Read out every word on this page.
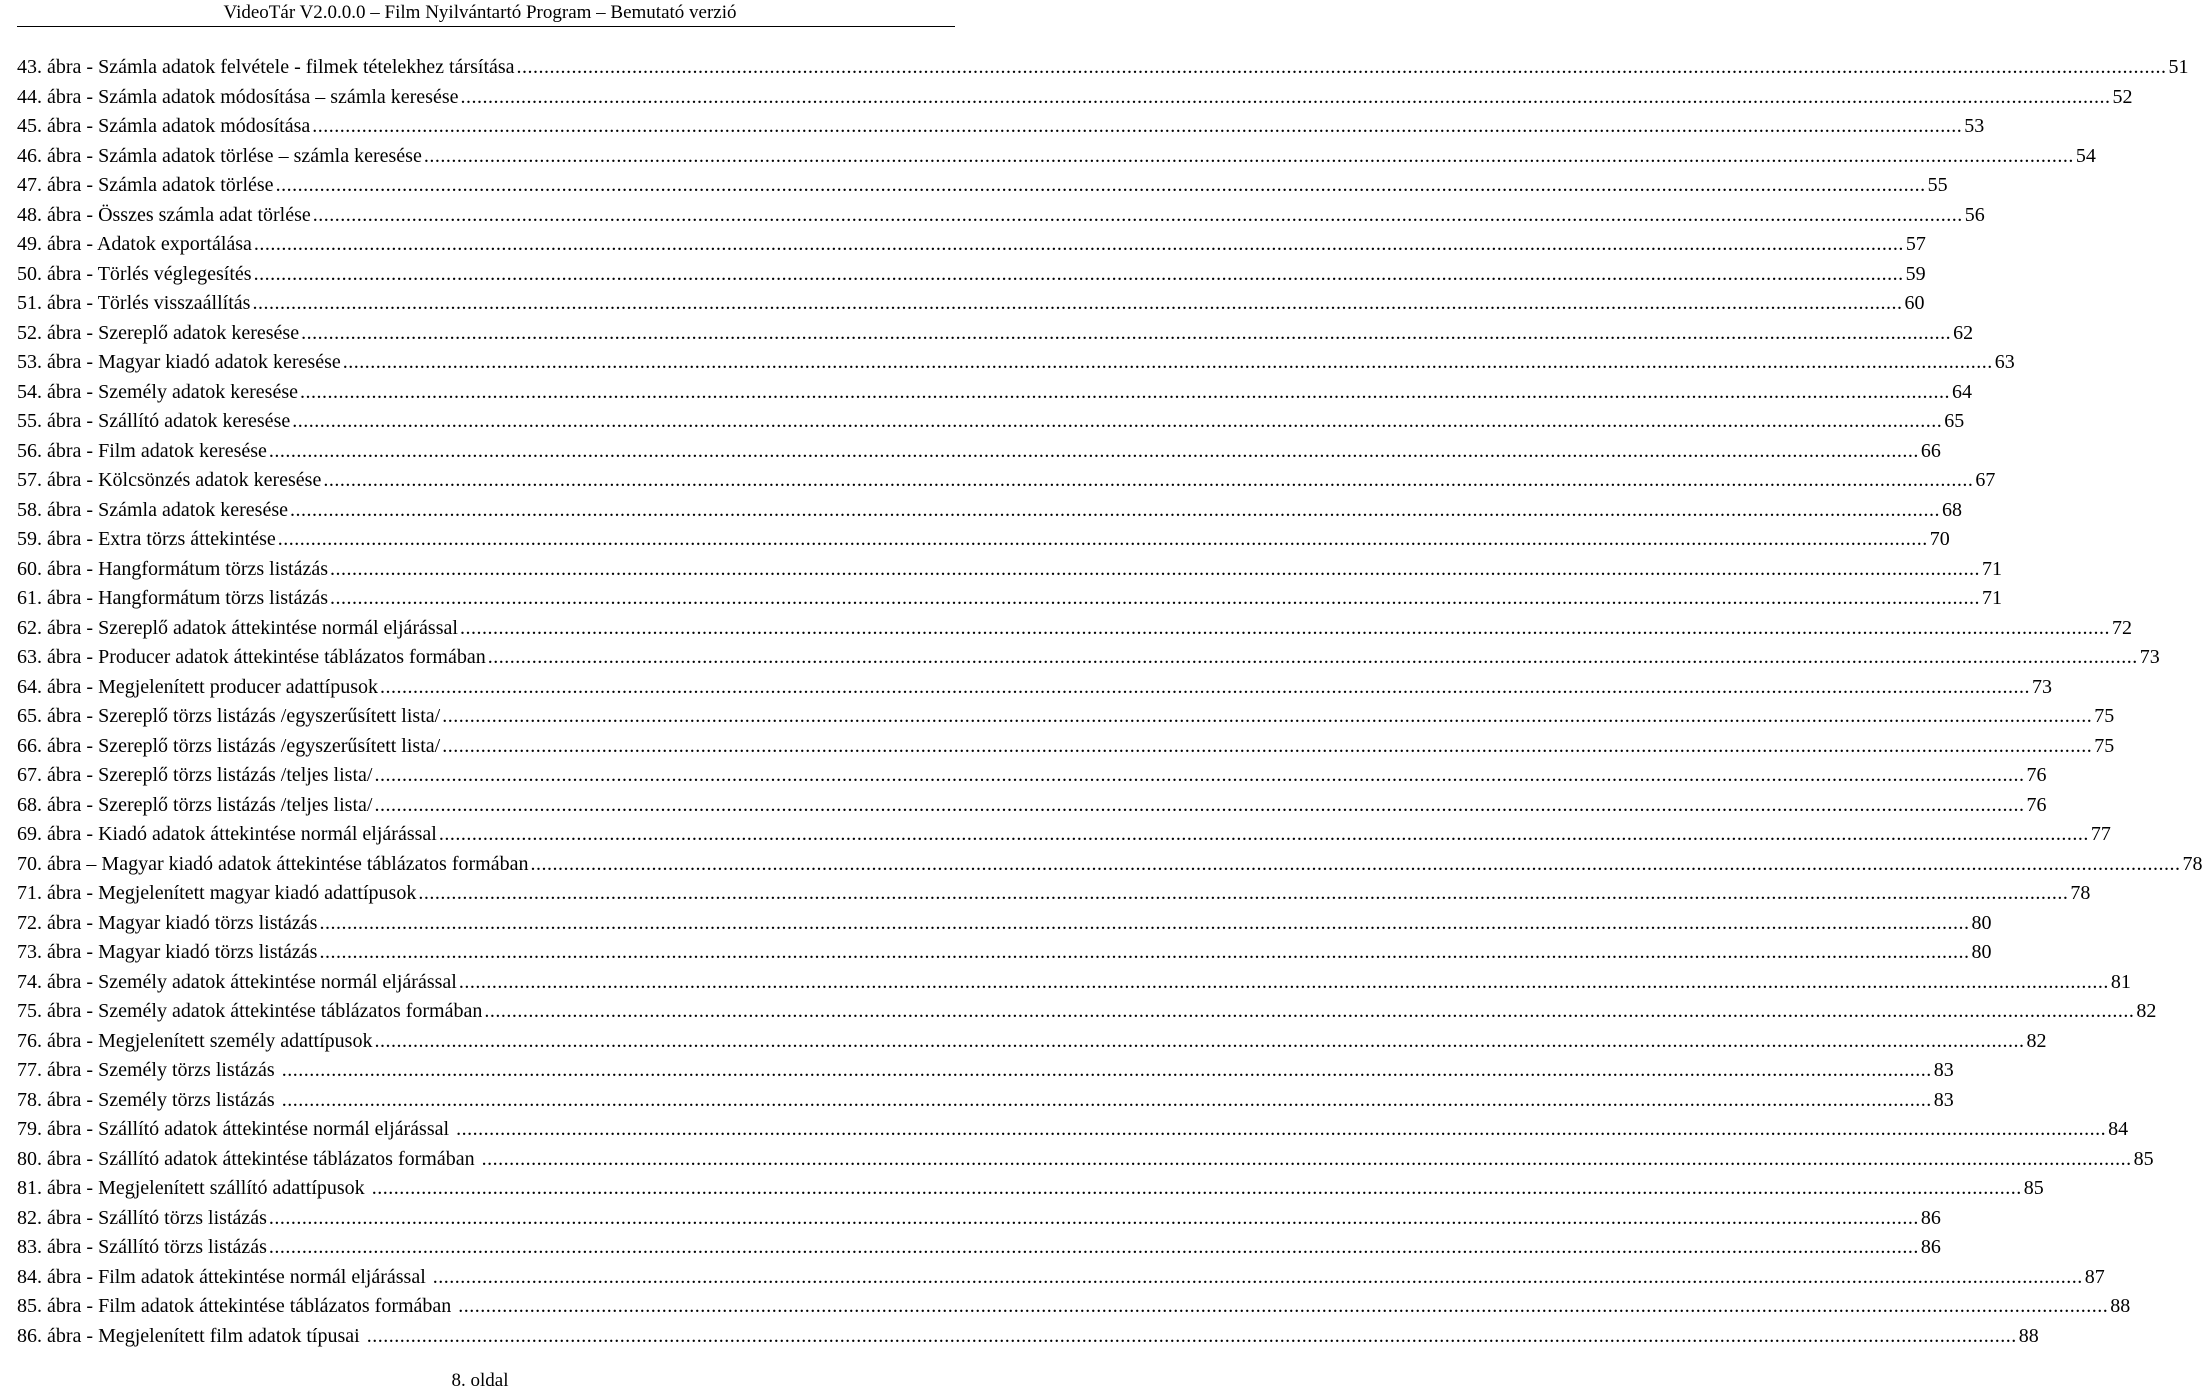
VideoTár V2.0.0.0 – Film Nyilvántartó Program – Bemutató verzió
43. ábra - Számla adatok felvétele - filmek tételekhez társítása ............................................................................................................................................................................................................................................................................................................ 51
44. ábra - Számla adatok módosítása – számla keresése ............................................................................................................................................................................................................................................................................................................ 52
45. ábra - Számla adatok módosítása ............................................................................................................................................................................................................................................................................................................ 53
46. ábra - Számla adatok törlése – számla keresése ............................................................................................................................................................................................................................................................................................................ 54
47. ábra - Számla adatok törlése ............................................................................................................................................................................................................................................................................................................ 55
48. ábra - Összes számla adat törlése ............................................................................................................................................................................................................................................................................................................ 56
49. ábra - Adatok exportálása ............................................................................................................................................................................................................................................................................................................ 57
50. ábra - Törlés véglegesítés ............................................................................................................................................................................................................................................................................................................ 59
51. ábra - Törlés visszaállítás ............................................................................................................................................................................................................................................................................................................ 60
52. ábra - Szereplő adatok keresése ............................................................................................................................................................................................................................................................................................................ 62
53. ábra - Magyar kiadó adatok keresése ............................................................................................................................................................................................................................................................................................................ 63
54. ábra - Személy adatok keresése ............................................................................................................................................................................................................................................................................................................ 64
55. ábra - Szállító adatok keresése ............................................................................................................................................................................................................................................................................................................ 65
56. ábra - Film adatok keresése ............................................................................................................................................................................................................................................................................................................ 66
57. ábra - Kölcsönzés adatok keresése ............................................................................................................................................................................................................................................................................................................ 67
58. ábra - Számla adatok keresése ............................................................................................................................................................................................................................................................................................................ 68
59. ábra - Extra törzs áttekintése ............................................................................................................................................................................................................................................................................................................ 70
60. ábra - Hangformátum törzs listázás ............................................................................................................................................................................................................................................................................................................ 71
61. ábra - Hangformátum törzs listázás ............................................................................................................................................................................................................................................................................................................ 71
62. ábra - Szereplő adatok áttekintése normál eljárással ............................................................................................................................................................................................................................................................................................................ 72
63. ábra - Producer adatok áttekintése táblázatos formában ............................................................................................................................................................................................................................................................................................................ 73
64. ábra - Megjelenített producer adattípusok ............................................................................................................................................................................................................................................................................................................ 73
65. ábra - Szereplő törzs listázás /egyszerűsített lista/ ............................................................................................................................................................................................................................................................................................................ 75
66. ábra - Szereplő törzs listázás /egyszerűsített lista/ ............................................................................................................................................................................................................................................................................................................ 75
67. ábra - Szereplő törzs listázás /teljes lista/ ............................................................................................................................................................................................................................................................................................................ 76
68. ábra - Szereplő törzs listázás /teljes lista/ ............................................................................................................................................................................................................................................................................................................ 76
69. ábra - Kiadó adatok áttekintése normál eljárással ............................................................................................................................................................................................................................................................................................................ 77
70. ábra – Magyar kiadó adatok áttekintése táblázatos formában ............................................................................................................................................................................................................................................................................................................ 78
71. ábra - Megjelenített magyar kiadó adattípusok ............................................................................................................................................................................................................................................................................................................ 78
72. ábra - Magyar kiadó törzs listázás ............................................................................................................................................................................................................................................................................................................ 80
73. ábra - Magyar kiadó törzs listázás ............................................................................................................................................................................................................................................................................................................ 80
74. ábra - Személy adatok áttekintése normál eljárással ............................................................................................................................................................................................................................................................................................................ 81
75. ábra - Személy adatok áttekintése táblázatos formában ............................................................................................................................................................................................................................................................................................................ 82
76. ábra - Megjelenített személy adattípusok ............................................................................................................................................................................................................................................................................................................ 82
77. ábra - Személy törzs listázás ............................................................................................................................................................................................................................................................................................................ 83
78. ábra - Személy törzs listázás ............................................................................................................................................................................................................................................................................................................ 83
79. ábra - Szállító adatok áttekintése normál eljárással ............................................................................................................................................................................................................................................................................................................ 84
80. ábra - Szállító adatok áttekintése táblázatos formában ............................................................................................................................................................................................................................................................................................................ 85
81. ábra - Megjelenített szállító adattípusok ............................................................................................................................................................................................................................................................................................................ 85
82. ábra - Szállító törzs listázás ............................................................................................................................................................................................................................................................................................................ 86
83. ábra - Szállító törzs listázás ............................................................................................................................................................................................................................................................................................................ 86
84. ábra - Film adatok áttekintése normál eljárással ............................................................................................................................................................................................................................................................................................................ 87
85. ábra - Film adatok áttekintése táblázatos formában ............................................................................................................................................................................................................................................................................................................ 88
86. ábra - Megjelenített film adatok típusai ............................................................................................................................................................................................................................................................................................................ 88
8. oldal
